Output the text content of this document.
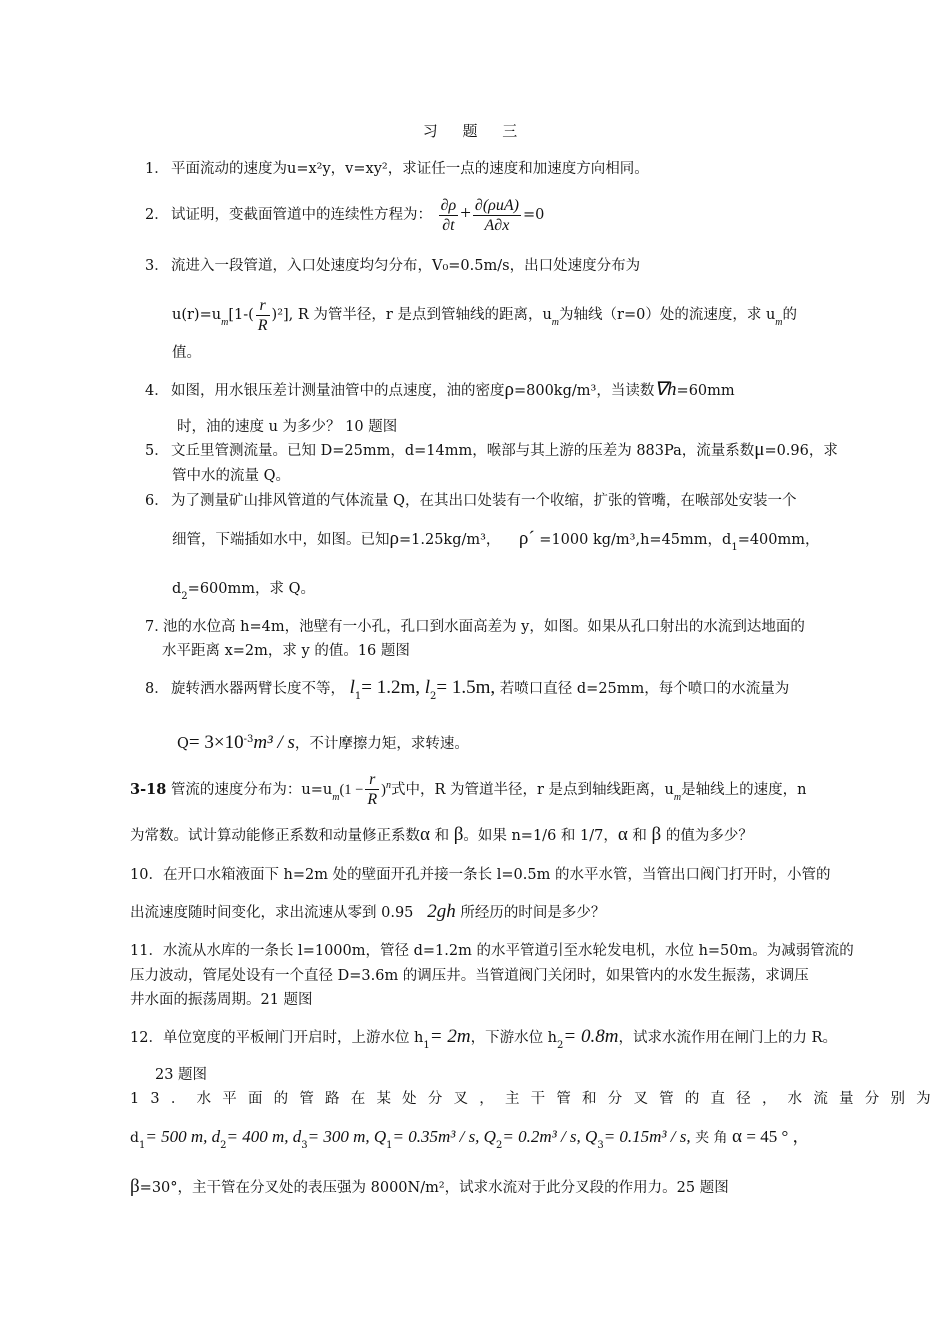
习 题 三
1． 平面流动的速度为u=x²y，v=xy²，求证任一点的速度和加速度方向相同。
2． 试证明，变截面管道中的连续性方程为： $\frac{\partial\rho}{\partial t} + \frac{\text{∂(ρuA)}}{A\partial x} =0$
3． 流进入一段管道，入口处速度均匀分布，V₀=0.5m/s，出口处速度分布为
$u(r)=u_m[1-( \frac{r}{R} )^2]$, R 为管半径，r 是点到管轴线的距离，$u_m$为轴线（r=0）处的流速度，求 $u_m$的
值。
4． 如图，用水银压差计测量油管中的点速度，油的密度ρ=800kg/m³，当读数∇h=60mm
时，油的速度 u 为多少？ 10 题图
5． 文丘里管测流量。已知 D=25mm，d=14mm，喉部与其上游的压差为 883Pa，流量系数μ=0.96，求
管中水的流量 Q。
6． 为了测量矿山排风管道的气体流量 Q，在其出口处装有一个收缩，扩张的管嘴，在喉部处安装一个
细管，下端插如水中，如图。已知ρ=1.25kg/m³， ρ´ =1000 kg/m³,h=45mm，$d_1=400mm$，
$d_2=600mm$，求 Q。
7．池的水位高 h=4m，池壁有一小孔，孔口到水面高差为 y，如图。如果从孔口射出的水流到达地面的
水平距离 x=2m，求 y 的值。16 题图
8． 旋转洒水器两臂长度不等， $l_1= 1.2m$, $l_2= 1.5m$, 若喷口直径 d=25mm，每个喷口的水流量为
$Q= 3\times 10^{-3}m^3 / s$，不计摩擦力矩，求转速。
3-18 管流的速度分布为：$u=u_m(1 - \frac{r}{R} )^n$式中，R 为管道半径，r 是点到轴线距离，$u_m$是轴线上的速度，n
为常数。试计算动能修正系数和动量修正系数α 和 β。如果 n=1/6 和 1/7，α 和 β 的值为多少？
10．在开口水箱液面下 h=2m 处的壁面开孔并接一条长 l=0.5m 的水平水管，当管出口阀门打开时，小管的
出流速度随时间变化，求出流速从零到 0.95 2gh 所经历的时间是多少？
11．水流从水库的一条长 l=1000m，管径 d=1.2m 的水平管道引至水轮发电机，水位 h=50m。为减弱管流的
压力波动，管尾处设有一个直径 D=3.6m 的调压井。当管道阀门关闭时，如果管内的水发生振荡，求调压
井水面的振荡周期。21 题图
12．单位宽度的平板闸门开启时，上游水位 $h_1= 2m$，下游水位 $h_2= 0.8m$，试求水流作用在闸门上的力 R。
23 题图
13．水平面的管路在某处分叉，主干管和分叉管的直径，水流量分别为
$d_1= 500$ m, $d_2= 400$ m, $d_3= 300$ m, $Q_1= 0.35m^3 / s$, $Q_2= 0.2m^3 / s$, $Q_3= 0.15m^3 / s$, 夹 角 α = 45 ° ，
β=30°，主干管在分叉处的表压强为 8000N/m²，试求水流对于此分叉段的作用力。25 题图
